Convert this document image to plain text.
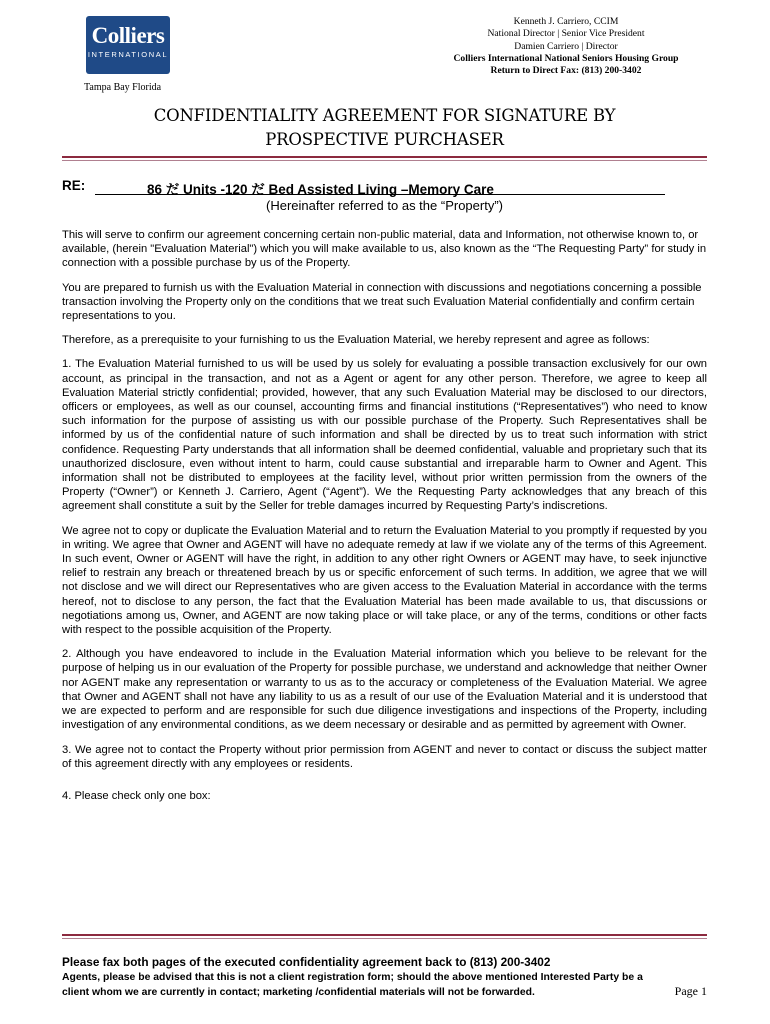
Colliers
INTERNATIONAL
Tampa Bay Florida
Kenneth J. Carriero, CCIM
National Director | Senior Vice President
Damien Carriero | Director
Colliers International National Seniors Housing Group
Return to Direct Fax: (813) 200-3402
CONFIDENTIALITY AGREEMENT FOR SIGNATURE BY
PROSPECTIVE PURCHASER
RE:	86 だ Units -120 だ Bed Assisted Living –Memory Care
(Hereinafter referred to as the “Property”)

This will serve to confirm our agreement concerning certain non-public material, data and Information, not otherwise known to, or available, (herein "Evaluation Material") which you will make available to us, also known as the “The Requesting Party” for study in connection with a possible purchase by us of the Property.

You are prepared to furnish us with the Evaluation Material in connection with discussions and negotiations concerning a possible transaction involving the Property only on the conditions that we treat such Evaluation Material confidentially and confirm certain representations to you.

Therefore, as a prerequisite to your furnishing to us the Evaluation Material, we hereby represent and agree as follows:

1. The Evaluation Material furnished to us will be used by us solely for evaluating a possible transaction exclusively for our own account, as principal in the transaction, and not as a Agent or agent for any other person. Therefore, we agree to keep all Evaluation Material strictly confidential; provided, however, that any such Evaluation Material may be disclosed to our directors, officers or employees, as well as our counsel, accounting firms and financial institutions (“Representatives”) who need to know such information for the purpose of assisting us with our possible purchase of the Property. Such Representatives shall be informed by us of the confidential nature of such information and shall be directed by us to treat such information with strict confidence. Requesting Party understands that all information shall be deemed confidential, valuable and proprietary such that its unauthorized disclosure, even without intent to harm, could cause substantial and irreparable harm to Owner and Agent. This information shall not be distributed to employees at the facility level, without prior written permission from the owners of the Property (“Owner”) or Kenneth J. Carriero, Agent (“Agent”). We the Requesting Party acknowledges that any breach of this agreement shall constitute a suit by the Seller for treble damages incurred by Requesting Party’s indiscretions.

We agree not to copy or duplicate the Evaluation Material and to return the Evaluation Material to you promptly if requested by you in writing. We agree that Owner and AGENT will have no adequate remedy at law if we violate any of the terms of this Agreement. In such event, Owner or AGENT will have the right, in addition to any other right Owners or AGENT may have, to seek injunctive relief to restrain any breach or threatened breach by us or specific enforcement of such terms. In addition, we agree that we will not disclose and we will direct our Representatives who are given access to the Evaluation Material in accordance with the terms hereof, not to disclose to any person, the fact that the Evaluation Material has been made available to us, that discussions or negotiations among us, Owner, and AGENT are now taking place or will take place, or any of the terms, conditions or other facts with respect to the possible acquisition of the Property.

2. Although you have endeavored to include in the Evaluation Material information which you believe to be relevant for the purpose of helping us in our evaluation of the Property for possible purchase, we understand and acknowledge that neither Owner nor AGENT make any representation or warranty to us as to the accuracy or completeness of the Evaluation Material. We agree that Owner and AGENT shall not have any liability to us as a result of our use of the Evaluation Material and it is understood that we are expected to perform and are responsible for such due diligence investigations and inspections of the Property, including investigation of any environmental conditions, as we deem necessary or desirable and as permitted by agreement with Owner.

3. We agree not to contact the Property without prior permission from AGENT and never to contact or discuss the subject matter of this agreement directly with any employees or residents.

4. Please check only one box:

Please fax both pages of the executed confidentiality agreement back to (813) 200-3402
Agents, please be advised that this is not a client registration form; should the above mentioned Interested Party be a
client whom we are currently in contact; marketing /confidential materials will not be forwarded.	Page 1
